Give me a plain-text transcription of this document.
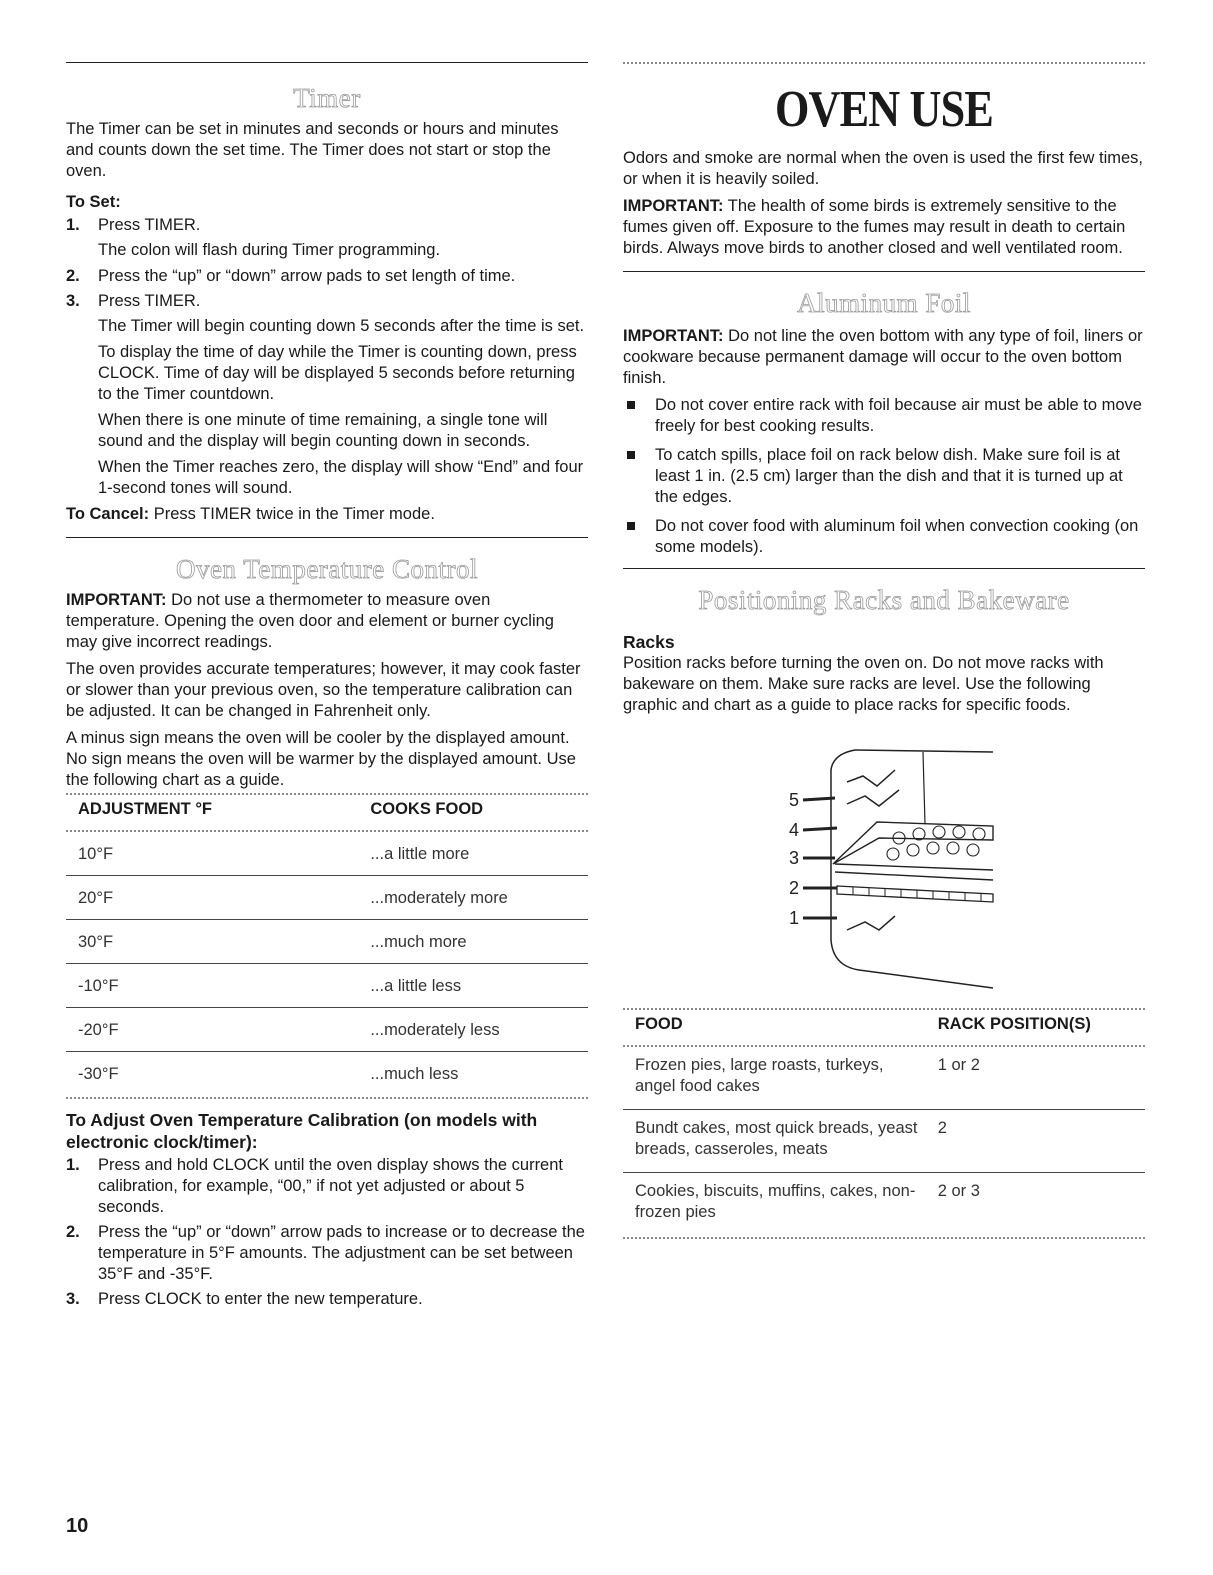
Timer

The Timer can be set in minutes and seconds or hours and minutes and counts down the set time. The Timer does not start or stop the oven.

To Set:
1. Press TIMER.

The colon will flash during Timer programming.

2. Press the “up” or “down” arrow pads to set length of time.
3. Press TIMER.

The Timer will begin counting down 5 seconds after the time is set.

To display the time of day while the Timer is counting down, press CLOCK. Time of day will be displayed 5 seconds before returning to the Timer countdown.

When there is one minute of time remaining, a single tone will sound and the display will begin counting down in seconds.

When the Timer reaches zero, the display will show “End” and four 1-second tones will sound.

To Cancel: Press TIMER twice in the Timer mode.

Oven Temperature Control

IMPORTANT: Do not use a thermometer to measure oven temperature. Opening the oven door and element or burner cycling may give incorrect readings.

The oven provides accurate temperatures; however, it may cook faster or slower than your previous oven, so the temperature calibration can be adjusted. It can be changed in Fahrenheit only.

A minus sign means the oven will be cooler by the displayed amount. No sign means the oven will be warmer by the displayed amount. Use the following chart as a guide.

ADJUSTMENT °F	COOKS FOOD

10°F	...a little more
20°F	...moderately more
30°F	...much more
-10°F	...a little less
-20°F	...moderately less
-30°F	...much less
To Adjust Oven Temperature Calibration (on models with electronic clock/timer):
1. Press and hold CLOCK until the oven display shows the current calibration, for example, “00,” if not yet adjusted or about 5 seconds.
2. Press the “up” or “down” arrow pads to increase or to decrease the temperature in 5°F amounts. The adjustment can be set between 35°F and -35°F.
3. Press CLOCK to enter the new temperature.
OVEN USE

Odors and smoke are normal when the oven is used the first few times, or when it is heavily soiled.

IMPORTANT: The health of some birds is extremely sensitive to the fumes given off. Exposure to the fumes may result in death to certain birds. Always move birds to another closed and well ventilated room.

Aluminum Foil

IMPORTANT: Do not line the oven bottom with any type of foil, liners or cookware because permanent damage will occur to the oven bottom finish.

Do not cover entire rack with foil because air must be able to move freely for best cooking results.
To catch spills, place foil on rack below dish. Make sure foil is at least 1 in. (2.5 cm) larger than the dish and that it is turned up at the edges.
Do not cover food with aluminum foil when convection cooking (on some models).
Positioning Racks and Bakeware
Racks

Position racks before turning the oven on. Do not move racks with bakeware on them. Make sure racks are level. Use the following graphic and chart as a guide to place racks for specific foods.

5
4
3
2
1
FOOD	RACK POSITION(S)

Frozen pies, large roasts, turkeys, angel food cakes	1 or 2
Bundt cakes, most quick breads, yeast breads, casseroles, meats	2
Cookies, biscuits, muffins, cakes, non-frozen pies	2 or 3
10
